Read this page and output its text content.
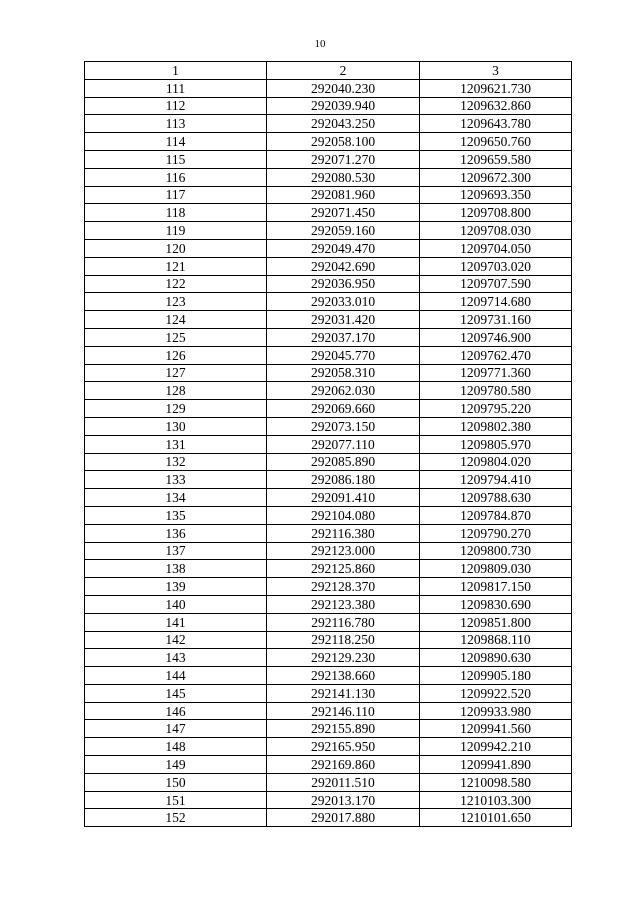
10
1	2	3
111	292040.230	1209621.730
112	292039.940	1209632.860
113	292043.250	1209643.780
114	292058.100	1209650.760
115	292071.270	1209659.580
116	292080.530	1209672.300
117	292081.960	1209693.350
118	292071.450	1209708.800
119	292059.160	1209708.030
120	292049.470	1209704.050
121	292042.690	1209703.020
122	292036.950	1209707.590
123	292033.010	1209714.680
124	292031.420	1209731.160
125	292037.170	1209746.900
126	292045.770	1209762.470
127	292058.310	1209771.360
128	292062.030	1209780.580
129	292069.660	1209795.220
130	292073.150	1209802.380
131	292077.110	1209805.970
132	292085.890	1209804.020
133	292086.180	1209794.410
134	292091.410	1209788.630
135	292104.080	1209784.870
136	292116.380	1209790.270
137	292123.000	1209800.730
138	292125.860	1209809.030
139	292128.370	1209817.150
140	292123.380	1209830.690
141	292116.780	1209851.800
142	292118.250	1209868.110
143	292129.230	1209890.630
144	292138.660	1209905.180
145	292141.130	1209922.520
146	292146.110	1209933.980
147	292155.890	1209941.560
148	292165.950	1209942.210
149	292169.860	1209941.890
150	292011.510	1210098.580
151	292013.170	1210103.300
152	292017.880	1210101.650
